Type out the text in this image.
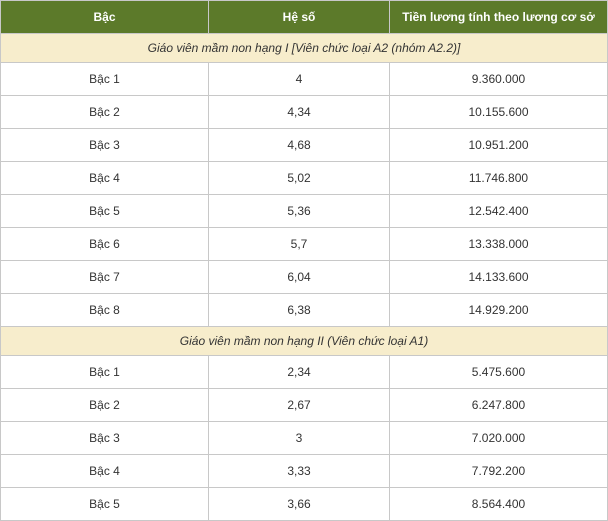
Bậc	Hệ số	Tiền lương tính theo lương cơ sở
Giáo viên mầm non hạng I [Viên chức loại A2 (nhóm A2.2)]		
Bậc 1	4	9.360.000
Bậc 2	4,34	10.155.600
Bậc 3	4,68	10.951.200
Bậc 4	5,02	11.746.800
Bậc 5	5,36	12.542.400
Bậc 6	5,7	13.338.000
Bậc 7	6,04	14.133.600
Bậc 8	6,38	14.929.200
Giáo viên mầm non hạng II (Viên chức loại A1)		
Bậc 1	2,34	5.475.600
Bậc 2	2,67	6.247.800
Bậc 3	3	7.020.000
Bậc 4	3,33	7.792.200
Bậc 5	3,66	8.564.400
